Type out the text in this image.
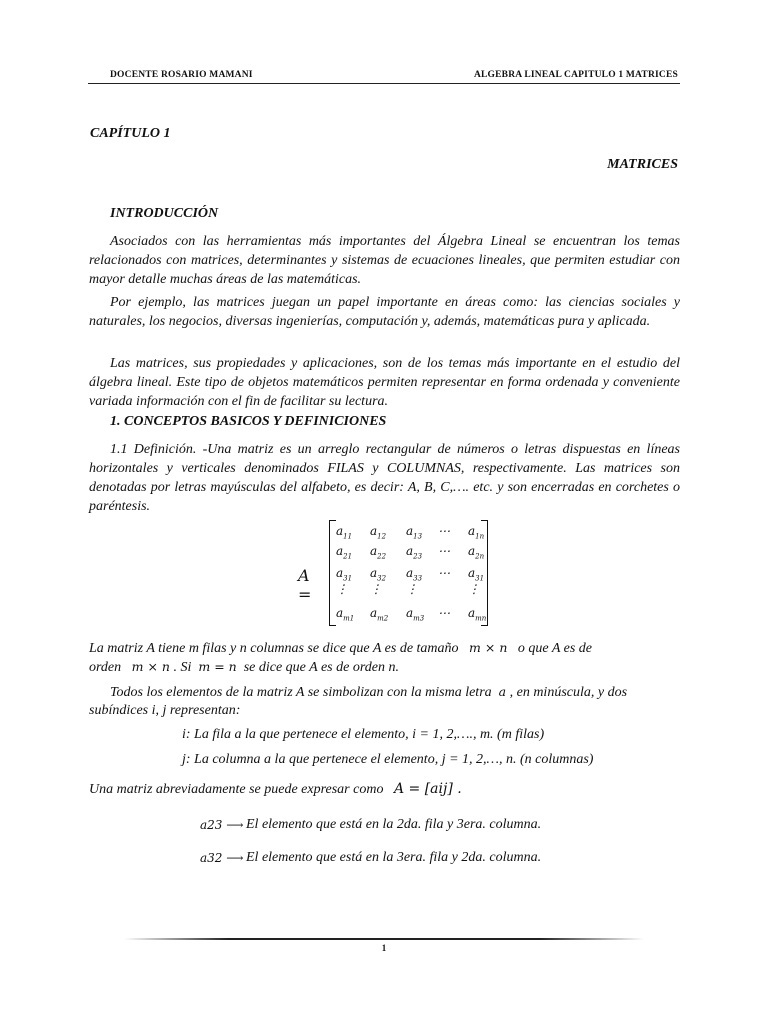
DOCENTE ROSARIO MAMANI	ALGEBRA LINEAL CAPITULO 1 MATRICES
CAPÍTULO 1
MATRICES
INTRODUCCIÓN

Asociados con las herramientas más importantes del Álgebra Lineal se encuentran los temas relacionados con matrices, determinantes y sistemas de ecuaciones lineales, que permiten estudiar con mayor detalle muchas áreas de las matemáticas.

Por ejemplo, las matrices juegan un papel importante en áreas como: las ciencias sociales y naturales, los negocios, diversas ingenierías, computación y, además, matemáticas pura y aplicada.

Las matrices, sus propiedades y aplicaciones, son de los temas más importante en el estudio del álgebra lineal. Este tipo de objetos matemáticos permiten representar en forma ordenada y conveniente variada información con el fin de facilitar su lectura.

1. CONCEPTOS BASICOS Y DEFINICIONES

1.1 Definición. -Una matriz es un arreglo rectangular de números o letras dispuestas en líneas horizontales y verticales denominados FILAS y COLUMNAS, respectivamente. Las matrices son denotadas por letras mayúsculas del alfabeto, es decir: A, B, C,…. etc. y son encerradas en corchetes o paréntesis.

A =
$a_{11}$ $a_{12}$ $a_{13}$ ⋯ $a_{1n}$
$a_{21}$ $a_{22}$ $a_{23}$ ⋯ $a_{2n}$
$a_{31}$ $a_{32}$ $a_{33}$ ⋯ $a_{31}$
⋮ ⋮ ⋮	⋮
$a_{m1}$ $a_{m2}$ $a_{m3}$ ⋯ $a_{mn}$
La matriz A tiene m filas y n columnas se dice que A es de tamaño m × n o que A es de
orden m × n . Si m = n se dice que A es de orden n.
Todos los elementos de la matriz A se simbolizan con la misma letra a , en minúscula, y dos
subíndices i, j representan:
i: La fila a la que pertenece el elemento, i = 1, 2,…., m. (m filas)
j: La columna a la que pertenece el elemento, j = 1, 2,…, n. (n columnas)
Una matriz abreviadamente se puede expresar como A = [aij] .
a23 ⟶ El elemento que está en la 2da. fila y 3era. columna.
a32 ⟶ El elemento que está en la 3era. fila y 2da. columna.
1
